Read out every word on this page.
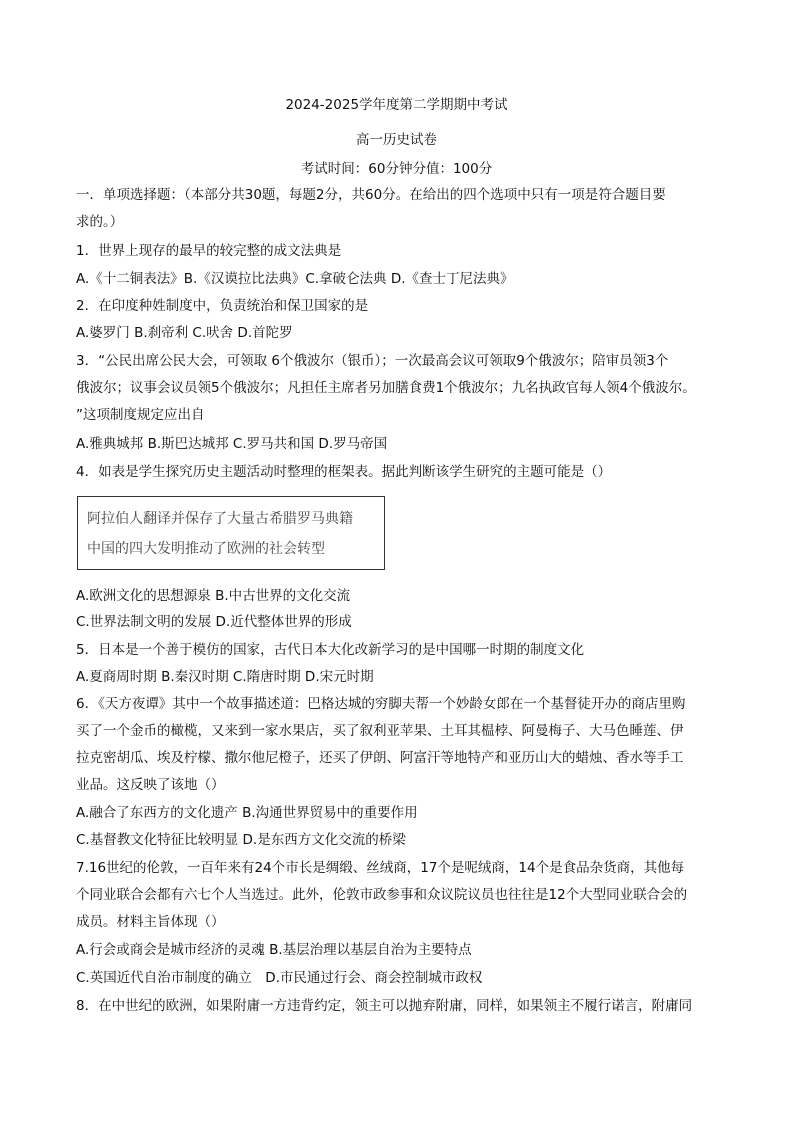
2024-2025学年度第二学期期中考试
高一历史试卷
考试时间：60分钟分值：100分
一．单项选择题：（本部分共30题，每题2分，共60分。在给出的四个选项中只有一项是符合题目要
求的。）
1．世界上现存的最早的较完整的成文法典是
A.《十二铜表法》B.《汉谟拉比法典》C.拿破仑法典 D.《查士丁尼法典》
2．在印度种姓制度中，负责统治和保卫国家的是
A.婆罗门 B.刹帝利 C.吠舍 D.首陀罗
3．“公民出席公民大会，可领取 6个俄波尔（银币）；一次最高会议可领取9个俄波尔；陪审员领3个
俄波尔；议事会议员领5个俄波尔；凡担任主席者另加膳食费1个俄波尔；九名执政官每人领4个俄波尔。
”这项制度规定应出自
A.雅典城邦 B.斯巴达城邦 C.罗马共和国 D.罗马帝国
4．如表是学生探究历史主题活动时整理的框架表。据此判断该学生研究的主题可能是（）
阿拉伯人翻译并保存了大量古希腊罗马典籍
中国的四大发明推动了欧洲的社会转型
A.欧洲文化的思想源泉 B.中古世界的文化交流
C.世界法制文明的发展 D.近代整体世界的形成
5．日本是一个善于模仿的国家，古代日本大化改新学习的是中国哪一时期的制度文化
A.夏商周时期 B.秦汉时期 C.隋唐时期 D.宋元时期
6．《天方夜谭》其中一个故事描述道：巴格达城的穷脚夫帮一个妙龄女郎在一个基督徒开办的商店里购
买了一个金币的橄榄，又来到一家水果店，买了叙利亚苹果、土耳其榅桲、阿曼梅子、大马色睡莲、伊
拉克密胡瓜、埃及柠檬、撒尔他尼橙子，还买了伊朗、阿富汗等地特产和亚历山大的蜡烛、香水等手工
业品。这反映了该地（）
A.融合了东西方的文化遗产 B.沟通世界贸易中的重要作用
C.基督教文化特征比较明显 D.是东西方文化交流的桥梁
7.16世纪的伦敦，一百年来有24个市长是绸缎、丝绒商，17个是呢绒商，14个是食品杂货商，其他每
个同业联合会都有六七个人当选过。此外，伦敦市政参事和众议院议员也往往是12个大型同业联合会的
成员。材料主旨体现（）
A.行会或商会是城市经济的灵魂 B.基层治理以基层自治为主要特点
C.英国近代自治市制度的确立　D.市民通过行会、商会控制城市政权
8．在中世纪的欧洲，如果附庸一方违背约定，领主可以抛弃附庸，同样，如果领主不履行诺言，附庸同
